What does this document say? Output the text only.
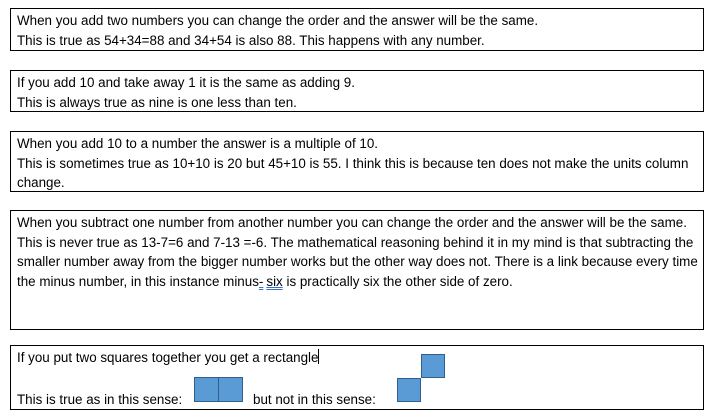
When you add two numbers you can change the order and the answer will be the same.
This is true as 54+34=88 and 34+54 is also 88. This happens with any number.
If you add 10 and take away 1 it is the same as adding 9.
This is always true as nine is one less than ten.
When you add 10 to a number the answer is a multiple of 10.
This is sometimes true as 10+10 is 20 but 45+10 is 55. I think this is because ten does not make the units column change.
When you subtract one number from another number you can change the order and the answer will be the same.
This is never true as 13-7=6 and 7-13 =-6. The mathematical reasoning behind it in my mind is that subtracting the smaller number away from the bigger number works but the other way does not. There is a link because every time the minus number, in this instance minus- six is practically six the other side of zero.
If you put two squares together you get a rectangle
This is true as in this sense:	but not in this sense:
